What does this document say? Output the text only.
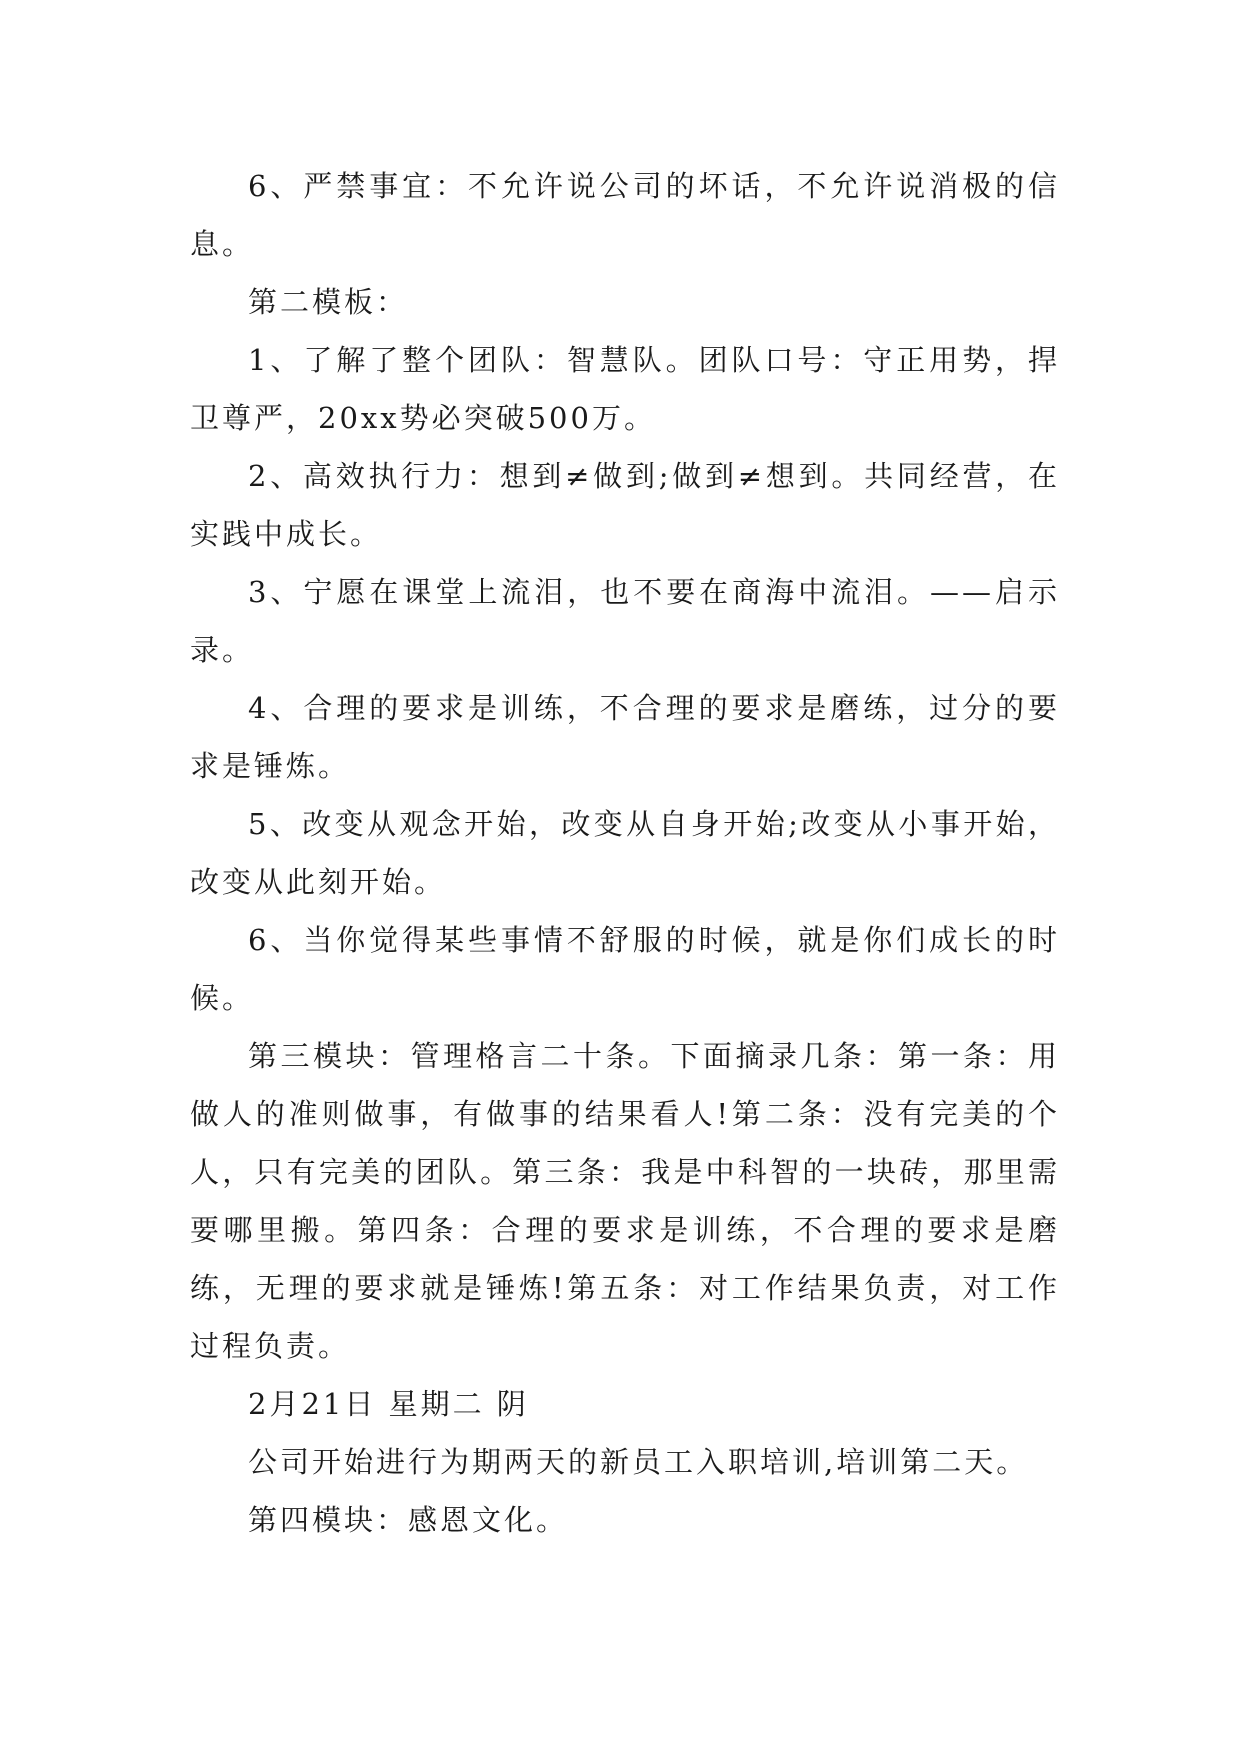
6、严禁事宜：不允许说公司的坏话，不允许说消极的信息。

第二模板：

1、了解了整个团队：智慧队。团队口号：守正用势，捍卫尊严，20xx势必突破500万。

2、高效执行力：想到≠做到;做到≠想到。共同经营，在实践中成长。

3、宁愿在课堂上流泪，也不要在商海中流泪。——启示录。

4、合理的要求是训练，不合理的要求是磨练，过分的要求是锤炼。

5、改变从观念开始，改变从自身开始;改变从小事开始，改变从此刻开始。

6、当你觉得某些事情不舒服的时候，就是你们成长的时候。

第三模块：管理格言二十条。下面摘录几条：第一条：用做人的准则做事，有做事的结果看人!第二条：没有完美的个人，只有完美的团队。第三条：我是中科智的一块砖，那里需要哪里搬。第四条：合理的要求是训练，不合理的要求是磨练，无理的要求就是锤炼!第五条：对工作结果负责，对工作过程负责。

2月21日 星期二 阴

公司开始进行为期两天的新员工入职培训,培训第二天。

第四模块：感恩文化。
